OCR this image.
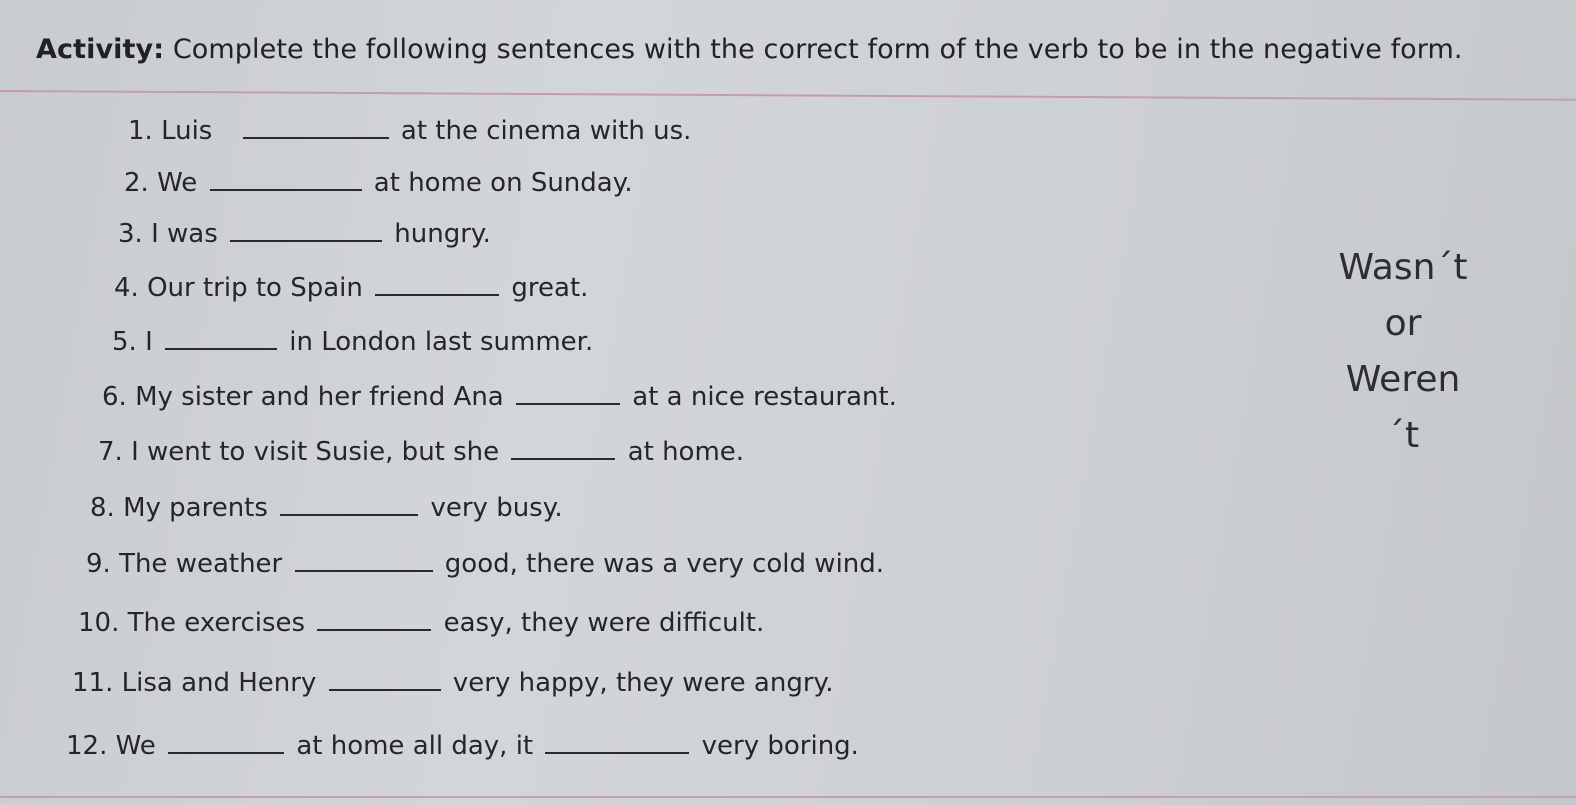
Activity: Complete the following sentences with the correct form of the verb to be in the negative form.
1. Luis	at the cinema with us.
2. We	at home on Sunday.
3. I was	hungry.
4. Our trip to Spain	great.
5. I	in London last summer.
6. My sister and her friend Ana	at a nice restaurant.
7. I went to visit Susie, but she	at home.
8. My parents	very busy.
9. The weather	good, there was a very cold wind.
10. The exercises	easy, they were difficult.
11. Lisa and Henry	very happy, they were angry.
12. We	at home all day, it	very boring.
Wasn´t
or
Weren´t
